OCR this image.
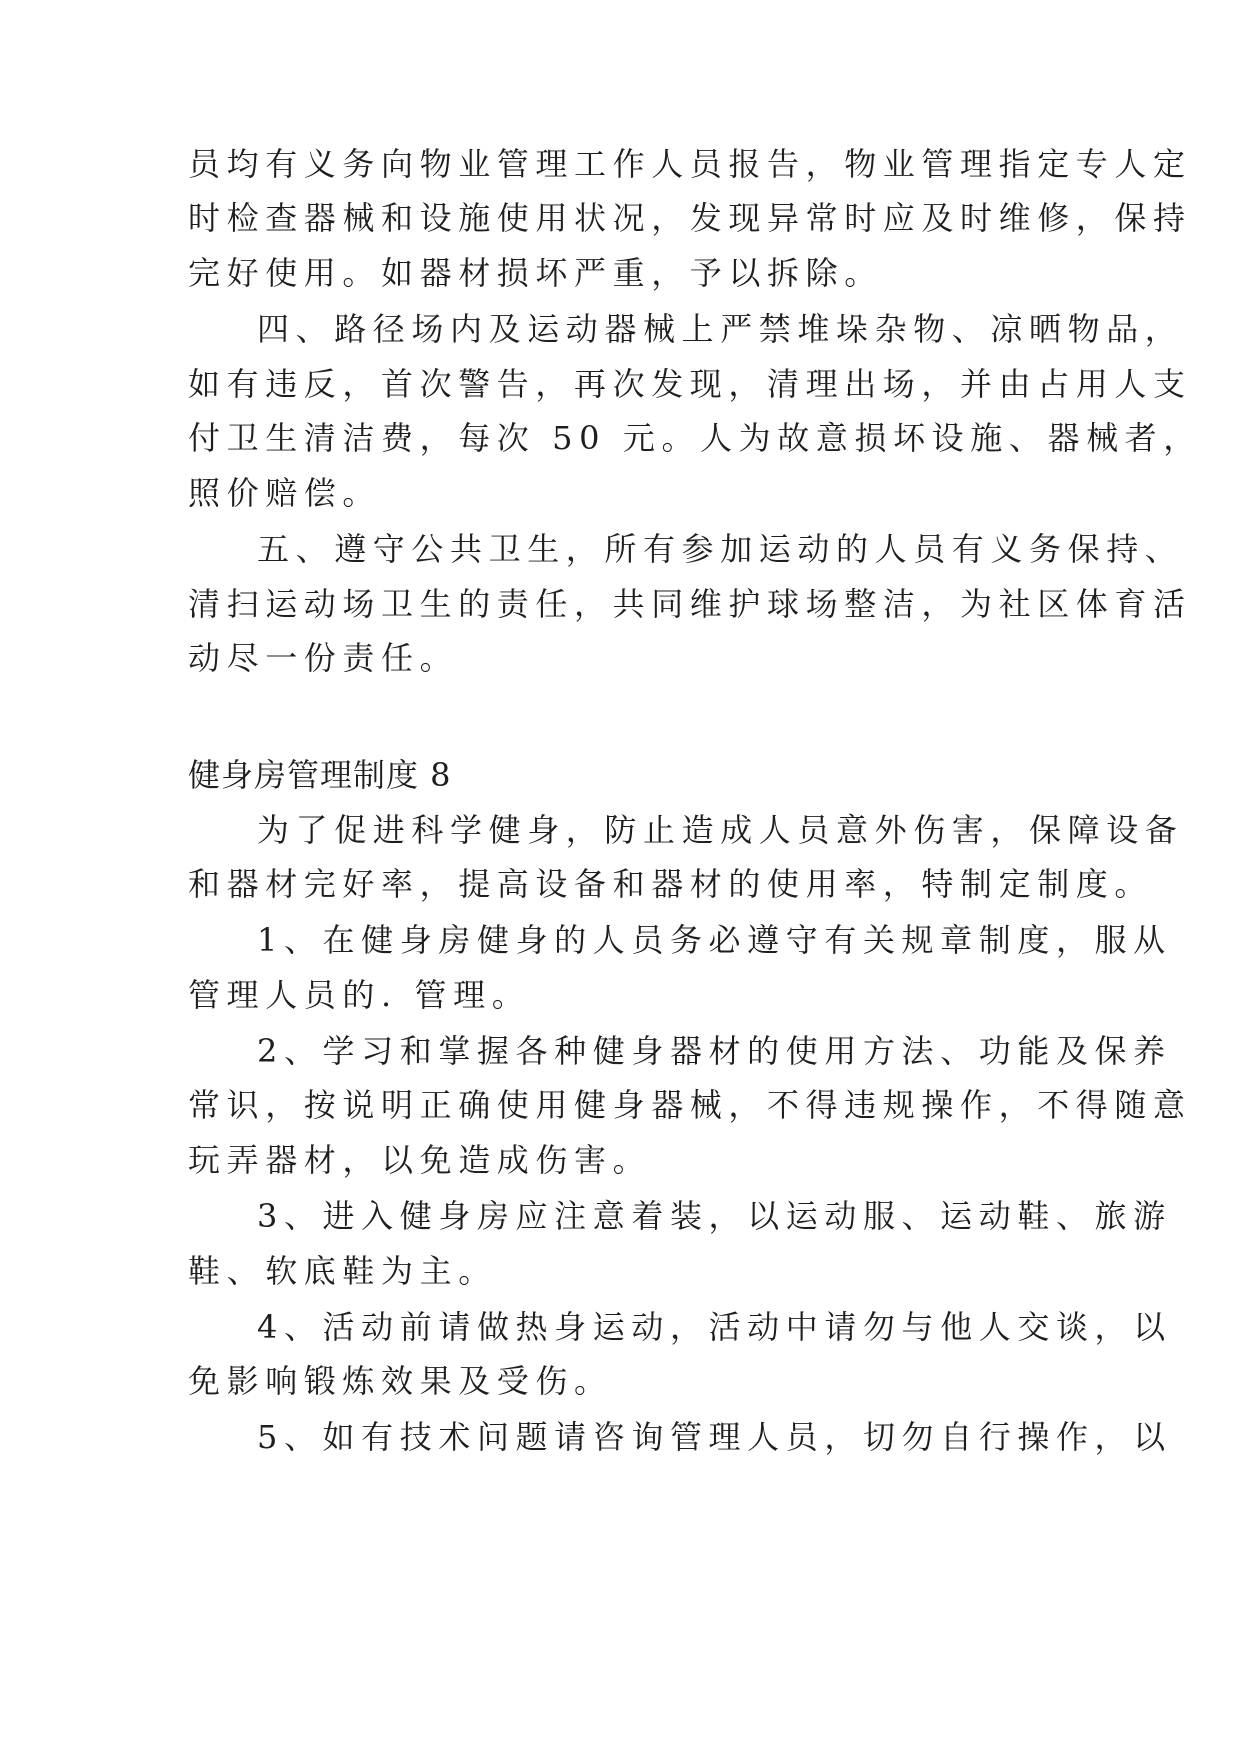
员均有义务向物业管理工作人员报告，物业管理指定专人定

时检查器械和设施使用状况，发现异常时应及时维修，保持

完好使用。如器材损坏严重，予以拆除。

四、路径场内及运动器械上严禁堆垛杂物、凉晒物品，

如有违反，首次警告，再次发现，清理出场，并由占用人支

付卫生清洁费，每次 50 元。人为故意损坏设施、器械者，

照价赔偿。

五、遵守公共卫生，所有参加运动的人员有义务保持、

清扫运动场卫生的责任，共同维护球场整洁，为社区体育活

动尽一份责任。

健身房管理制度 8

为了促进科学健身，防止造成人员意外伤害，保障设备

和器材完好率，提高设备和器材的使用率，特制定制度。

1、在健身房健身的人员务必遵守有关规章制度，服从

管理人员的. 管理。

2、学习和掌握各种健身器材的使用方法、功能及保养

常识，按说明正确使用健身器械，不得违规操作，不得随意

玩弄器材，以免造成伤害。

3、进入健身房应注意着装，以运动服、运动鞋、旅游

鞋、软底鞋为主。

4、活动前请做热身运动，活动中请勿与他人交谈，以

免影响锻炼效果及受伤。

5、如有技术问题请咨询管理人员，切勿自行操作，以
